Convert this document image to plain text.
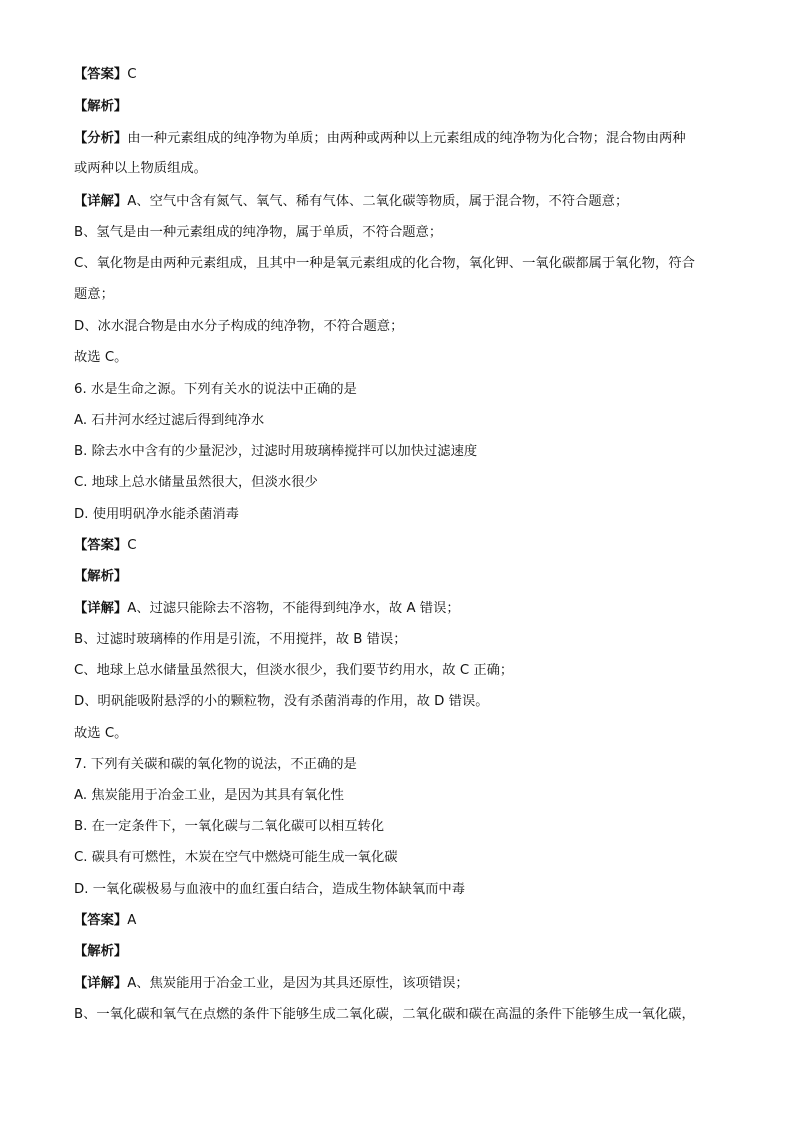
【答案】C
【解析】
【分析】由一种元素组成的纯净物为单质；由两种或两种以上元素组成的纯净物为化合物；混合物由两种
或两种以上物质组成。
【详解】A、空气中含有氮气、氧气、稀有气体、二氧化碳等物质，属于混合物，不符合题意；
B、氢气是由一种元素组成的纯净物，属于单质，不符合题意；
C、氧化物是由两种元素组成，且其中一种是氧元素组成的化合物，氧化钾、一氧化碳都属于氧化物，符合
题意；
D、冰水混合物是由水分子构成的纯净物，不符合题意；
故选 C。
6. 水是生命之源。下列有关水的说法中正确的是
A. 石井河水经过滤后得到纯净水
B. 除去水中含有的少量泥沙，过滤时用玻璃棒搅拌可以加快过滤速度
C. 地球上总水储量虽然很大，但淡水很少
D. 使用明矾净水能杀菌消毒
【答案】C
【解析】
【详解】A、过滤只能除去不溶物，不能得到纯净水，故 A 错误；
B、过滤时玻璃棒的作用是引流，不用搅拌，故 B 错误；
C、地球上总水储量虽然很大，但淡水很少，我们要节约用水，故 C 正确；
D、明矾能吸附悬浮的小的颗粒物，没有杀菌消毒的作用，故 D 错误。
故选 C。
7. 下列有关碳和碳的氧化物的说法，不正确的是
A. 焦炭能用于冶金工业，是因为其具有氧化性
B. 在一定条件下，一氧化碳与二氧化碳可以相互转化
C. 碳具有可燃性，木炭在空气中燃烧可能生成一氧化碳
D. 一氧化碳极易与血液中的血红蛋白结合，造成生物体缺氧而中毒
【答案】A
【解析】
【详解】A、焦炭能用于冶金工业，是因为其具还原性，该项错误；
B、一氧化碳和氧气在点燃的条件下能够生成二氧化碳，二氧化碳和碳在高温的条件下能够生成一氧化碳，
